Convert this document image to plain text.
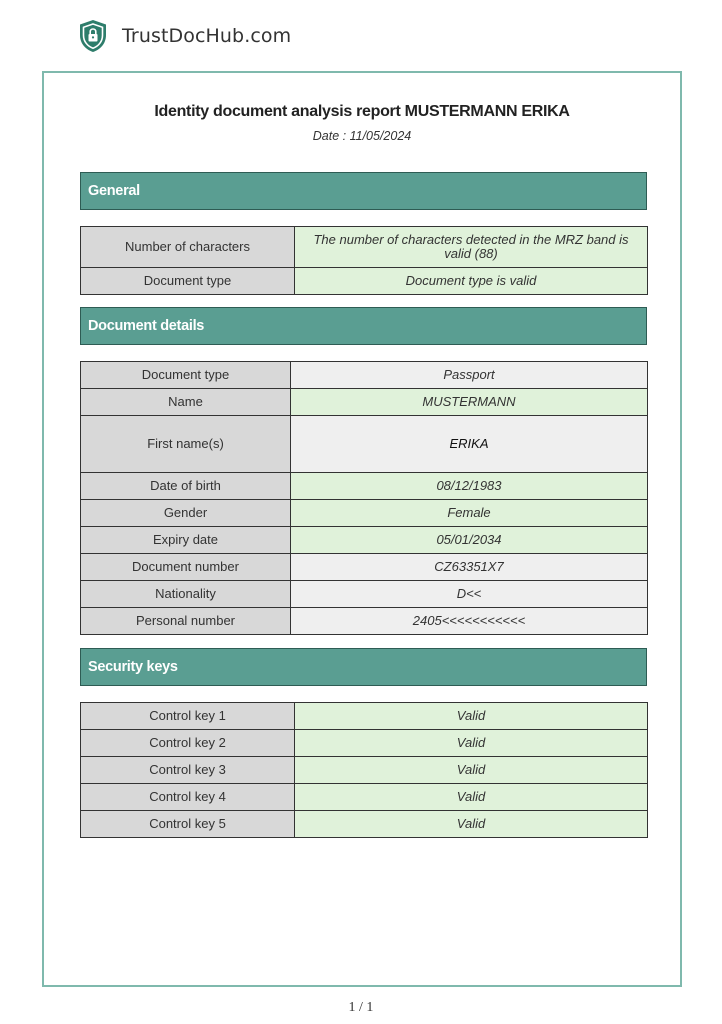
TrustDocHub.com
Identity document analysis report MUSTERMANN ERIKA
Date : 11/05/2024
General
Number of characters	The number of characters detected in the MRZ band is valid (88)
Document type	Document type is valid
Document details
Document type	Passport
Name	MUSTERMANN
First name(s)	ERIKA
Date of birth	08/12/1983
Gender	Female
Expiry date	05/01/2034
Document number	CZ63351X7
Nationality	D<<
Personal number	2405<<<<<<<<<<<
Security keys
Control key 1	Valid
Control key 2	Valid
Control key 3	Valid
Control key 4	Valid
Control key 5	Valid
1 / 1
